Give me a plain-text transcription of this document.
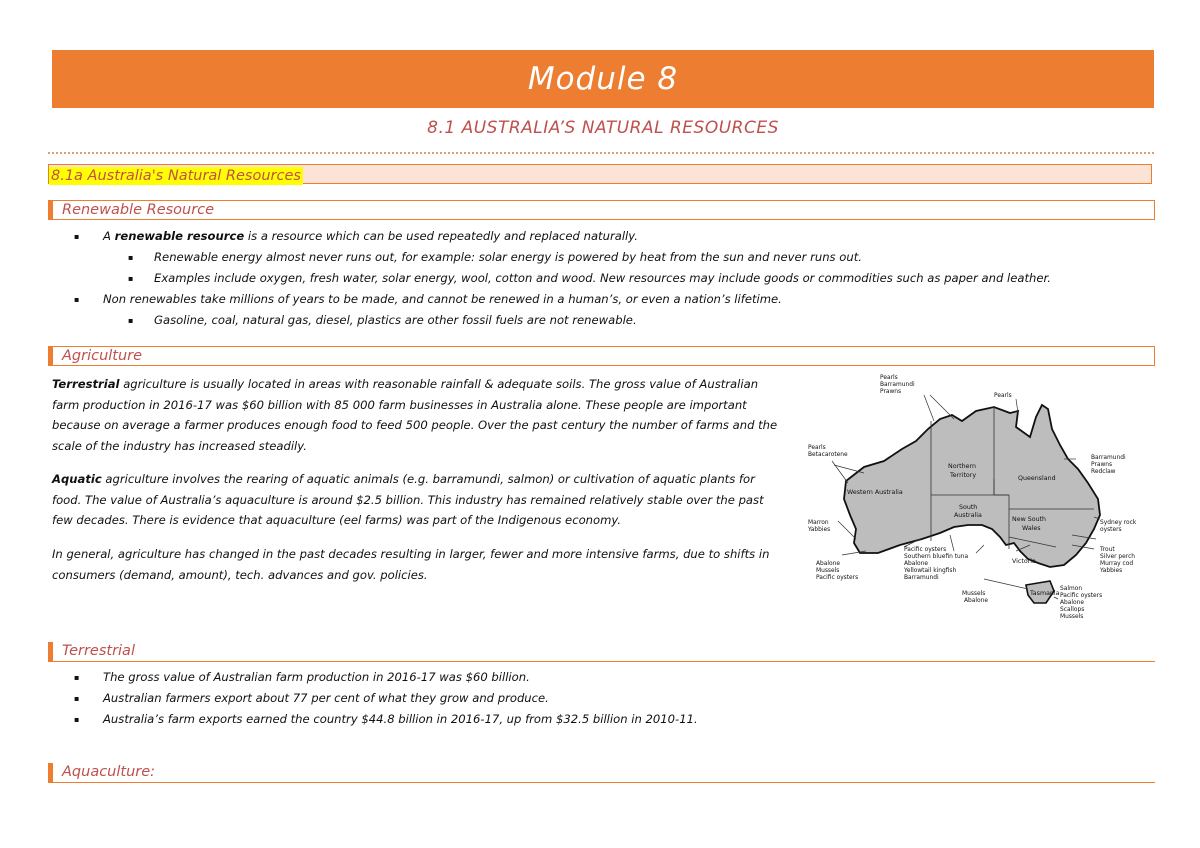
Module 8
8.1 AUSTRALIA’S NATURAL RESOURCES
8.1a Australia's Natural Resources
Renewable Resource
▪ A renewable resource is a resource which can be used repeatedly and replaced naturally.
▪ Renewable energy almost never runs out, for example: solar energy is powered by heat from the sun and never runs out.
▪ Examples include oxygen, fresh water, solar energy, wool, cotton and wood. New resources may include goods or commodities such as paper and leather.
▪ Non renewables take millions of years to be made, and cannot be renewed in a human’s, or even a nation’s lifetime.
▪ Gasoline, coal, natural gas, diesel, plastics are other fossil fuels are not renewable.
Agriculture
Terrestrial agriculture is usually located in areas with reasonable rainfall & adequate soils. The gross value of Australian farm production in 2016-17 was $60 billion with 85 000 farm businesses in Australia alone. These people are important because on average a farmer produces enough food to feed 500 people. Over the past century the number of farms and the scale of the industry has increased steadily.
Aquatic agriculture involves the rearing of aquatic animals (e.g. barramundi, salmon) or cultivation of aquatic plants for food. The value of Australia’s aquaculture is around $2.5 billion. This industry has remained relatively stable over the past few decades. There is evidence that aquaculture (eel farms) was part of the Indigenous economy.
In general, agriculture has changed in the past decades resulting in larger, fewer and more intensive farms, due to shifts in consumers (demand, amount), tech. advances and gov. policies.
Western Australia
Northern
Territory	Queensland
South
Australia
New South
Wales
Victoria
Tasmania
Pearls
Barramundi
Prawns
Pearls
Pearls
Betacarotene
Marron
Yabbies
Abalone
Mussels
Pacific oysters
Pacific oysters
Southern bluefin tuna
Abalone
Yellowtail kingfish
Barramundi
Mussels
Abalone
Barramundi
Prawns
Redclaw
Sydney rock
oysters
Trout
Silver perch
Murray cod
Yabbies
Salmon
Pacific oysters
Abalone
Scallops
Mussels
Terrestrial
▪ The gross value of Australian farm production in 2016-17 was $60 billion.
▪ Australian farmers export about 77 per cent of what they grow and produce.
▪ Australia’s farm exports earned the country $44.8 billion in 2016-17, up from $32.5 billion in 2010-11.
Aquaculture:
